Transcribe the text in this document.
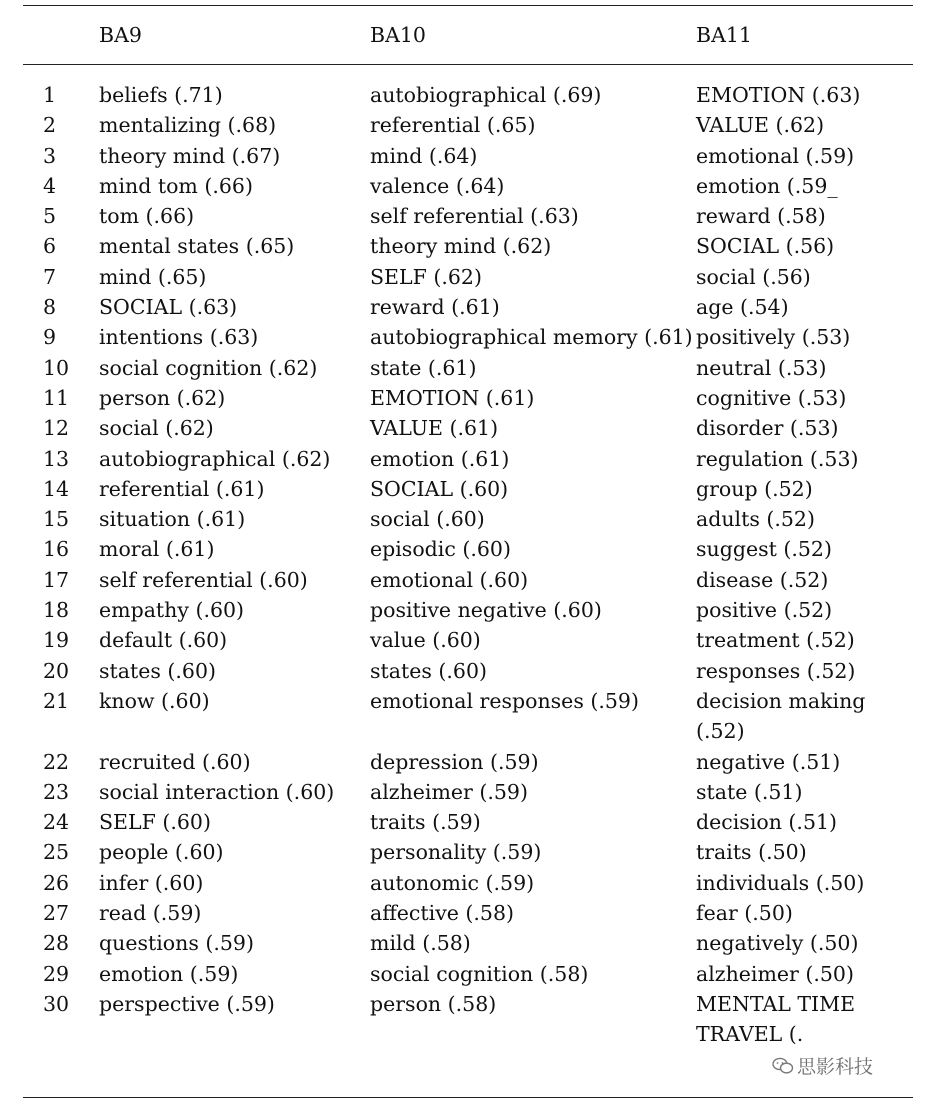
	BA9	BA10	BA11
1	beliefs (.71)	autobiographical (.69)	EMOTION (.63)
2	mentalizing (.68)	referential (.65)	VALUE (.62)
3	theory mind (.67)	mind (.64)	emotional (.59)
4	mind tom (.66)	valence (.64)	emotion (.59_
5	tom (.66)	self referential (.63)	reward (.58)
6	mental states (.65)	theory mind (.62)	SOCIAL (.56)
7	mind (.65)	SELF (.62)	social (.56)
8	SOCIAL (.63)	reward (.61)	age (.54)
9	intentions (.63)	autobiographical memory (.61)	positively (.53)
10	social cognition (.62)	state (.61)	neutral (.53)
11	person (.62)	EMOTION (.61)	cognitive (.53)
12	social (.62)	VALUE (.61)	disorder (.53)
13	autobiographical (.62)	emotion (.61)	regulation (.53)
14	referential (.61)	SOCIAL (.60)	group (.52)
15	situation (.61)	social (.60)	adults (.52)
16	moral (.61)	episodic (.60)	suggest (.52)
17	self referential (.60)	emotional (.60)	disease (.52)
18	empathy (.60)	positive negative (.60)	positive (.52)
19	default (.60)	value (.60)	treatment (.52)
20	states (.60)	states (.60)	responses (.52)
21	know (.60)	emotional responses (.59)	decision making (.52)
22	recruited (.60)	depression (.59)	negative (.51)
23	social interaction (.60)	alzheimer (.59)	state (.51)
24	SELF (.60)	traits (.59)	decision (.51)
25	people (.60)	personality (.59)	traits (.50)
26	infer (.60)	autonomic (.59)	individuals (.50)
27	read (.59)	affective (.58)	fear (.50)
28	questions (.59)	mild (.58)	negatively (.50)
29	emotion (.59)	social cognition (.58)	alzheimer (.50)
30	perspective (.59)	person (.58)	MENTAL TIME TRAVEL (.
思影科技
